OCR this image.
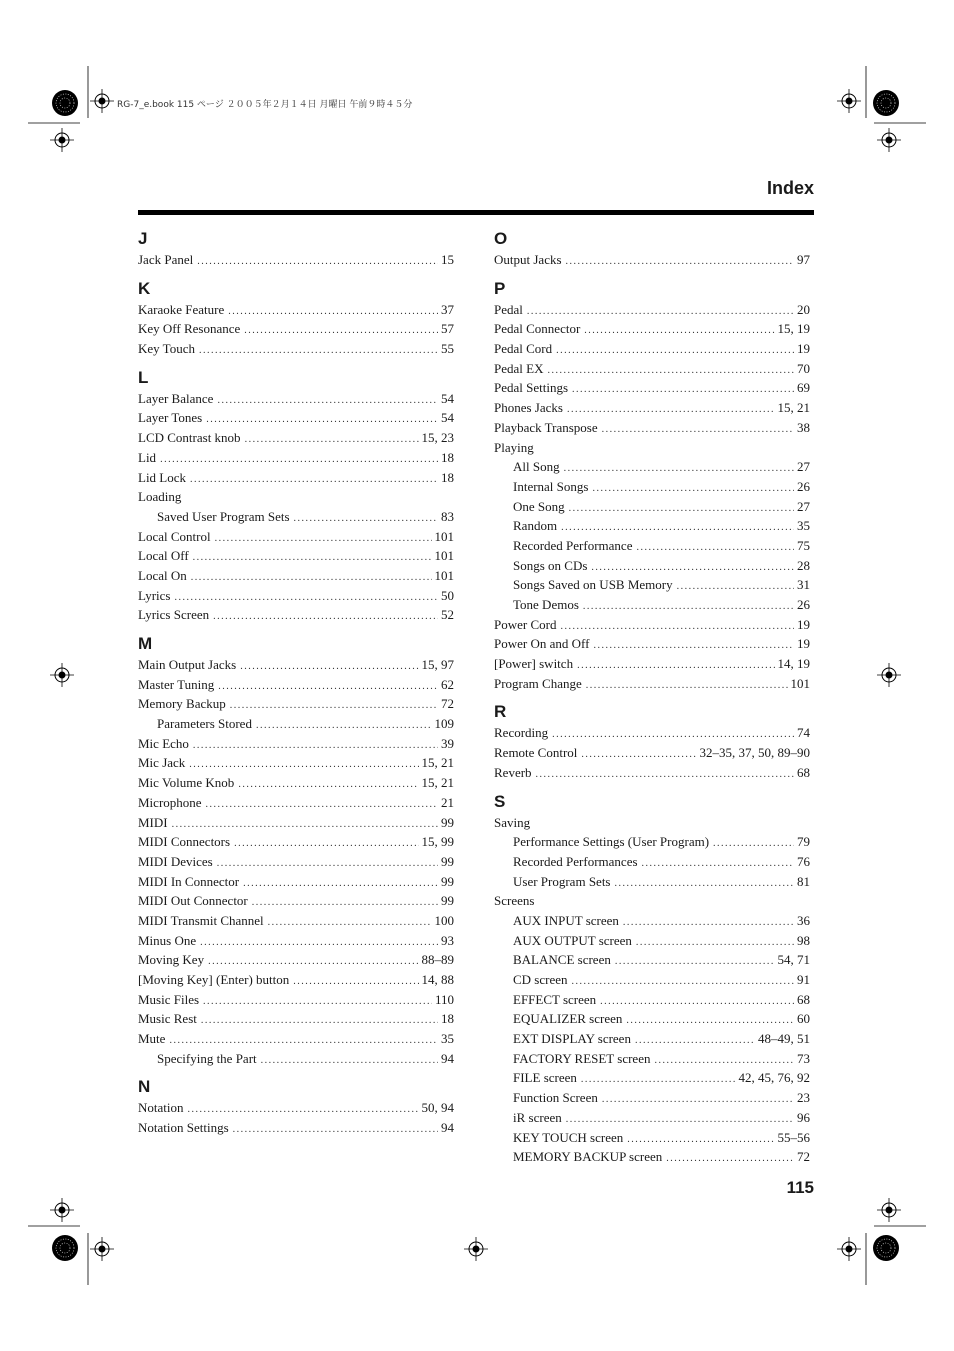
RG-7_e.book 115 ページ ２００５年２月１４日 月曜日 午前９時４５分
Index
J
Jack Panel .....	15
K
Karaoke Feature .....	37
Key Off Resonance .....	57
Key Touch .....	55
L
Layer Balance .....	54
Layer Tones .....	54
LCD Contrast knob .....	15, 23
Lid .....	18
Lid Lock .....	18
Loading
Saved User Program Sets .....	83
Local Control .....	101
Local Off .....	101
Local On .....	101
Lyrics .....	50
Lyrics Screen .....	52
M
Main Output Jacks .....	15, 97
Master Tuning .....	62
Memory Backup .....	72
Parameters Stored .....	109
Mic Echo .....	39
Mic Jack .....	15, 21
Mic Volume Knob .....	15, 21
Microphone .....	21
MIDI .....	99
MIDI Connectors .....	15, 99
MIDI Devices .....	99
MIDI In Connector .....	99
MIDI Out Connector .....	99
MIDI Transmit Channel .....	100
Minus One .....	93
Moving Key .....	88–89
[Moving Key] (Enter) button .....	14, 88
Music Files .....	110
Music Rest .....	18
Mute .....	35
Specifying the Part .....	94
N
Notation .....	50, 94
Notation Settings .....	94
O
Output Jacks .....	97
P
Pedal .....	20
Pedal Connector .....	15, 19
Pedal Cord .....	19
Pedal EX .....	70
Pedal Settings .....	69
Phones Jacks .....	15, 21
Playback Transpose .....	38
Playing
All Song .....	27
Internal Songs .....	26
One Song .....	27
Random .....	35
Recorded Performance .....	75
Songs on CDs .....	28
Songs Saved on USB Memory .....	31
Tone Demos .....	26
Power Cord .....	19
Power On and Off .....	19
[Power] switch .....	14, 19
Program Change .....	101
R
Recording .....	74
Remote Control .....	32–35, 37, 50, 89–90
Reverb .....	68
S
Saving
Performance Settings (User Program) .....	79
Recorded Performances .....	76
User Program Sets .....	81
Screens
AUX INPUT screen .....	36
AUX OUTPUT screen .....	98
BALANCE screen .....	54, 71
CD screen .....	91
EFFECT screen .....	68
EQUALIZER screen .....	60
EXT DISPLAY screen .....	48–49, 51
FACTORY RESET screen .....	73
FILE screen .....	42, 45, 76, 92
Function Screen .....	23
iR screen .....	96
KEY TOUCH screen .....	55–56
MEMORY BACKUP screen .....	72
115
